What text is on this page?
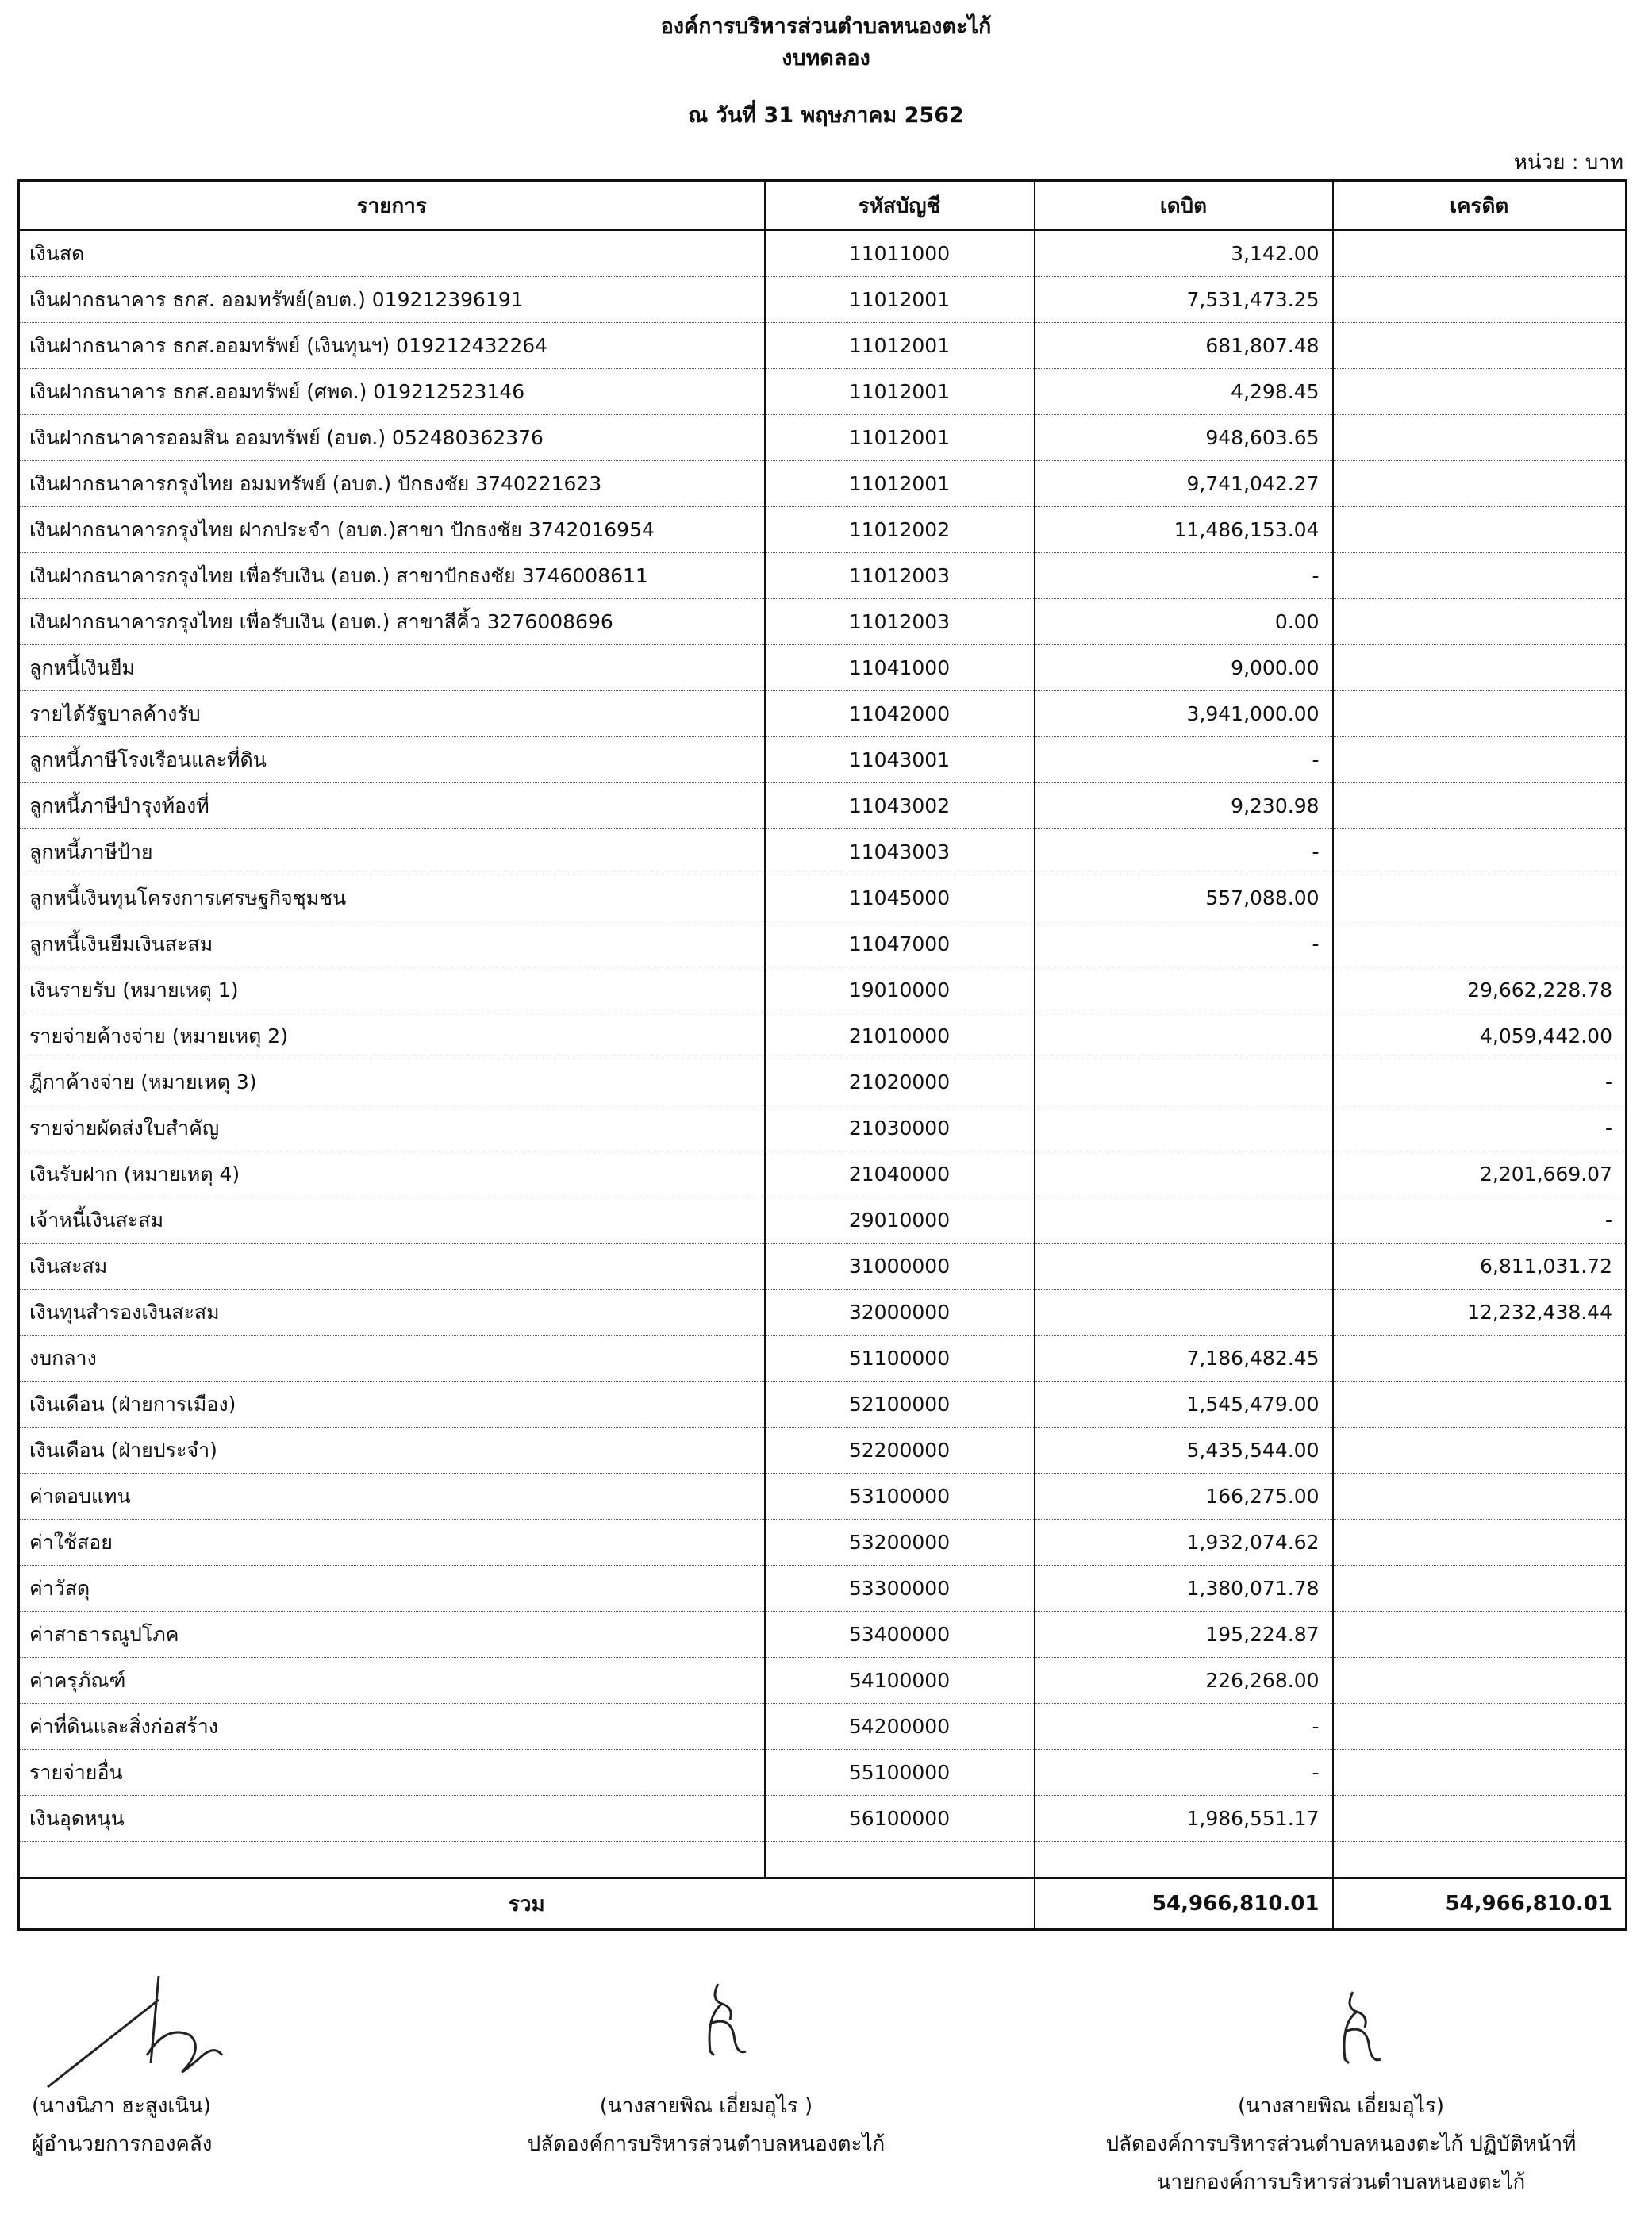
องค์การบริหารส่วนตำบลหนองตะไก้
งบทดลอง
ณ วันที่ 31 พฤษภาคม 2562
หน่วย : บาท
รายการ	รหัสบัญชี	เดบิต	เครดิต
เงินสด	11011000	3,142.00	
เงินฝากธนาคาร ธกส. ออมทรัพย์(อบต.) 019212396191	11012001	7,531,473.25	
เงินฝากธนาคาร ธกส.ออมทรัพย์ (เงินทุนฯ) 019212432264	11012001	681,807.48	
เงินฝากธนาคาร ธกส.ออมทรัพย์ (ศพด.) 019212523146	11012001	4,298.45	
เงินฝากธนาคารออมสิน ออมทรัพย์ (อบต.) 052480362376	11012001	948,603.65	
เงินฝากธนาคารกรุงไทย อมมทรัพย์ (อบต.) ปักธงชัย 3740221623	11012001	9,741,042.27	
เงินฝากธนาคารกรุงไทย ฝากประจำ (อบต.)สาขา ปักธงชัย 3742016954	11012002	11,486,153.04	
เงินฝากธนาคารกรุงไทย เพื่อรับเงิน (อบต.) สาขาปักธงชัย 3746008611	11012003	-	
เงินฝากธนาคารกรุงไทย เพื่อรับเงิน (อบต.) สาขาสีคิ้ว 3276008696	11012003	0.00	
ลูกหนี้เงินยืม	11041000	9,000.00	
รายได้รัฐบาลค้างรับ	11042000	3,941,000.00	
ลูกหนี้ภาษีโรงเรือนและที่ดิน	11043001	-	
ลูกหนี้ภาษีบำรุงท้องที่	11043002	9,230.98	
ลูกหนี้ภาษีป้าย	11043003	-	
ลูกหนี้เงินทุนโครงการเศรษฐกิจชุมชน	11045000	557,088.00	
ลูกหนี้เงินยืมเงินสะสม	11047000	-	
เงินรายรับ (หมายเหตุ 1)	19010000		29,662,228.78
รายจ่ายค้างจ่าย (หมายเหตุ 2)	21010000		4,059,442.00
ฎีกาค้างจ่าย (หมายเหตุ 3)	21020000		-
รายจ่ายผัดส่งใบสำคัญ	21030000		-
เงินรับฝาก (หมายเหตุ 4)	21040000		2,201,669.07
เจ้าหนี้เงินสะสม	29010000		-
เงินสะสม	31000000		6,811,031.72
เงินทุนสำรองเงินสะสม	32000000		12,232,438.44
งบกลาง	51100000	7,186,482.45	
เงินเดือน (ฝ่ายการเมือง)	52100000	1,545,479.00	
เงินเดือน (ฝ่ายประจำ)	52200000	5,435,544.00	
ค่าตอบแทน	53100000	166,275.00	
ค่าใช้สอย	53200000	1,932,074.62	
ค่าวัสดุ	53300000	1,380,071.78	
ค่าสาธารณูปโภค	53400000	195,224.87	
ค่าครุภัณฑ์	54100000	226,268.00	
ค่าที่ดินและสิ่งก่อสร้าง	54200000	-	
รายจ่ายอื่น	55100000	-	
เงินอุดหนุน	56100000	1,986,551.17	

รวม		54,966,810.01	54,966,810.01
(นางนิภา ฮะสูงเนิน)
ผู้อำนวยการกองคลัง
(นางสายพิณ เอี่ยมอุไร )
ปลัดองค์การบริหารส่วนตำบลหนองตะไก้
(นางสายพิณ เอี่ยมอุไร)
ปลัดองค์การบริหารส่วนตำบลหนองตะไก้ ปฏิบัติหน้าที่
นายกองค์การบริหารส่วนตำบลหนองตะไก้
